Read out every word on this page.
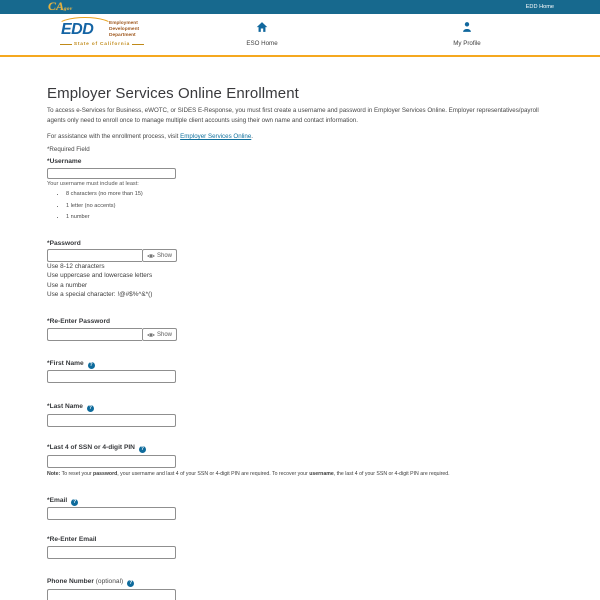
CA.gov	EDD Home
EDD	Employment
Development
Department
State of California	ESO Home	My Profile
Employer Services Online Enrollment

To access e-Services for Business, eWOTC, or SIDES E-Response, you must first create a username and password in Employer Services Online. Employer representatives/payroll agents only need to enroll once to manage multiple client accounts using their own name and contact information.

For assistance with the enrollment process, visit Employer Services Online.

*Required Field
*Username
Your username must include at least:
• 8 characters (no more than 15)
• 1 letter (no accents)
• 1 number
*Password
Show
Use 8-12 characters
Use uppercase and lowercase letters
Use a number
Use a special character: !@#$%^&*()
*Re-Enter Password
Show
*First Name?
*Last Name?
*Last 4 of SSN or 4-digit PIN?

Note: To reset your password, your username and last 4 of your SSN or 4-digit PIN are required. To recover your username, the last 4 of your SSN or 4-digit PIN are required.

*Email?
*Re-Enter Email
Phone Number (optional)?
